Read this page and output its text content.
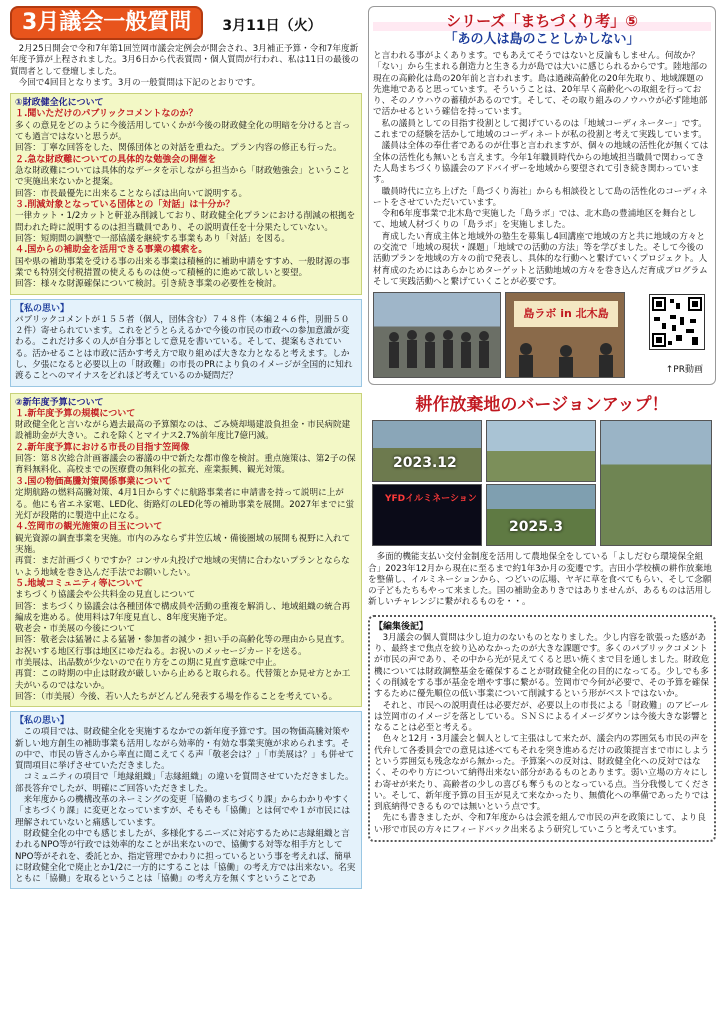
3月議会一般質問 3月11日（火）

　2月25日開会で令和7年第1回笠岡市議会定例会が開会され、3月補正予算・令和7年度新年度予算が上程されました。3月6日から代表質問・個人質問が行われ、私は11日の最後の質問者として登壇しました。
　今回で4回目となります。3月の一般質問は下記のとおりです。

①財政健全化について
１.聞いただけのパブリックコメントなのか？

多くの意見をどのように今後活用していくかが今後の財政健全化の明暗を分けると言っても過言ではないと思うが。
回答：丁寧な回答をした、関係団体との対話を重ねた。プラン内容の修正も行った。

２.急な財政難についての具体的な勉強会の開催を

急な財政難については具体的なデータを示しながら担当から「財政勉強会」ということで実施出来ないかと提案。
回答：市長最優先に出来ることならばは出向いて説明する。

３.削減対象となっている団体との「対話」は十分か？

一律カット・1/2カットと軒並み削減しており、財政健全化プランにおける削減の根拠を問われた時に説明するのは担当職員であり、その説明責任を十分果たしていない。
回答：短期間の調整で一部協議を継続する事業もあり「対話」を図る。

４.国からの補助金を活用できる事業の模索を。

国や県の補助事業を受ける事の出来る事業は積極的に補助申請をすすめ、一般財源の事業でも特別交付税措置の使えるものは使って積極的に進めて欲しいと要望。
回答：様々な財源確保について検討。引き続き事業の必要性を検討。

【私の思い】

パブリックコメントが１５５者（個人，団体含む）７４８件（本編２４６件，別冊５０２件）寄せられています。これをどうとらえるかで今後の市民の市政への参加意識が変わる。これだけ多くの人が自分事として意見を書いている。そして、提案もされている。活かせることは市政に活かす考え方で取り組めば大きな力となると考えます。しかし、夕張になると必要以上の「財政難」の市長のPRにより負のイメージが全国的に知れ渡ることへのマイナスをどれほど考えているのか疑問だ？

②新年度予算について
１.新年度予算の規模について

財政健全化と言いながら過去最高の予算額なのは、ごみ焼却場建設負担金・市民病院建設補助金が大きい。これを除くとマイナス2.7%前年度比7億円減。

２.新年度予算における市長の目指す笠岡像

回答：第８次総合計画審議会の審議の中で新たな都市像を検討。重点施策は、第2子の保育料無料化、高校までの医療費の無料化の拡充、産業振興、観光対策。

３.国の物価高騰対策関係事業について

定期航路の燃料高騰対策、4月1日からすぐに航路事業者に申請書を持って説明に上がる。他にも省エネ家電、LED化、街路灯のLED化等の補助事業を展開。2027年までに蛍光灯が段階的に製造中止になる。

４.笠岡市の観光施策の目玉について

観光資源の調査事業を実施。市内のみならず井笠広域・備後圏域の展開も視野に入れて実施。
再質：まだ計画づくりですか？コンサル丸投げで地域の実情に合わないプランとならないよう地域を巻き込んだ手法でお願いしたい。

５.地域コミュニティ等について

まちづくり協議会や公共料金の見直しについて
回答：まちづくり協議会は各種団体で構成員や活動の重複を解消し、地域組織の統合再編成を進める。使用料は7年度見直し、8年度実施予定。
敬老会・市美展の今後について
回答：敬老会は猛暑による猛暑・参加者の減少・担い手の高齢化等の理由から見直す。お祝いする地区行事は地区にゆだねる。お祝いのメッセージカードを送る。
市美展は、出品数が少ないので在り方をこの期に見直す意味で中止。
再質：この時期の中止は財政が厳しいから止めると取られる。代替策とか見せ方とか工夫がいるのではないか。
回答：（市美展）今後、若い人たちがどんどん発表する場を作ることを考えている。

【私の思い】

　この項目では、財政健全化を実施するなかでの新年度予算です。国の物価高騰対策や新しい地方創生の補助事業も活用しながら効率的・有効な事業実施が求められます。その中で、市民の皆さんから率直に聞こえてくる声「敬老会は？」「市美展は？」も併せて質問項目に挙げさせていただきました。
　コミュニティの項目で「地縁組織」「志縁組織」の違いを質問させていただきました。部長答弁でしたが、明確にご回答いただきました。
　来年度からの機構改革のネーミングの変更「協働のまちづくり課」からわかりやすく「まちづくり課」に変更となっていますが、そもそも「協働」とは何でや１が市民には理解されていないと痛感しています。
　財政健全化の中でも感じましたが、多様化するニーズに対応するために志縁組織と言われるNPO等が行政では効率的なことが出来ないので、協働する対等な相手方としてNPO等がそれを、委託とか、指定管理でかわりに担っているという事を考えれば、簡単に財政健全化で廃止とか1/2に一方的にすることは「協働」の考え方では出来ない。名実ともに「協働」を取るということは「協働」の考え方を無くすということであ

シリーズ「まちづくり考」⑤
「あの人は島のことしかしない」

と言われる事がよくあります。でもあえてそうではないと反論もしません。何故か？「ない」から生まれる創造力と生きる力が島では大いに感じられるからです。陸地部の現在の高齢化は島の20年前と言われます。島は過疎高齢化の20年先取り、地域課題の先進地であると思っています。そういうことは、20年早く高齢化への取組を行っており、そのノウハウの蓄積があるのです。そして、その取り組みのノウハウが必ず陸地部で活かせるという確信を持っています。
　私の議員としての目指す役割として掲げているのは「地域コーディネーター」です。これまでの経験を活かして地域のコーディネートが私の役割と考えて実践しています。
　議員は全体の奉仕者であるのが仕事と言われますが、個々の地域の活性化が無くては全体の活性化も無いとも言えます。今年1年職員時代からの地域担当職員で関わってきた人島まちづくり協議会のアドバイザーを地域から要望されて引き続き関わっています。
　職員時代に立ち上げた「島づくり海社」からも相談役として島の活性化のコーディネートをさせていただいています。
　令和6年度事業で北木島で実施した「島ラボ」では、北木島の豊浦地区を舞台として、地域人材づくりの「島ラボ」を実施しました。
　育成したい育成主体と地域外の塾生を募集し4回講座で地域の方と共に地域の方々との交流で「地域の現状・課題」「地域での活動の方法」等を学びました。そして今後の活動プランを地域の方々の前で発表し、具体的な行動へと繋げていくプロジェクト。人材育成のためにはあらかじめターゲットと活動地域の方々を巻き込んだ育成プログラムそして実践活動へと繋げていくことが必要です。

島ラボ in 北木島
↑PR動画
耕作放棄地のバージョンアップ！
2023.12
YFDイルミネーション
2025.3

　多面的機能支払い交付金制度を活用して農地保全をしている「よしだむら環境保全組合」2023年12月から現在に至るまで約1年3か月の変遷です。吉田小学校横の耕作放棄地を整備し、イルミネーションから、つどいの広場、ヤギに草を食べてもらい、そして念願の子どもたちもやって来ました。国の補助金ありきではありませんが、あるものは活用し新しいチャレンジに繋がれるものを・・。

【編集後記】

　3月議会の個人質問は少し迫力のないものとなりました。少し内容を欲張った感があり、最終まで焦点を絞り込めなかったのが大きな課題です。多くのパブリックコメントが市民の声であり、その中から光が見えてくると思い焼くまで目を通しました。財政危機については財政調整基金を確保することが財政健全化の目的になってる。少しでも多くの削減をする事が基金を増やす事に繋がる。笠岡市で今何が必要で、その予算を確保するために優先順位の低い事業について削減するという形がベストではないか。
　それと、市民への説明責任は必要だが、必要以上の市長による「財政難」のアピールは笠岡市のイメージを落としている。ＳＮＳによるイメージダウンは今後大きな影響となることは必至と考える。
　色々と12月・3月議会と個人として主張はして来たが、議会内の雰囲気も市民の声を代弁して各委員会での意見は述べてもそれを突き進めるだけの政策提言まで市にしようという雰囲気も残念ながら無かった。予算案への反対は、財政健全化への反対ではなく、そのやり方について納得出来ない部分があるものとあります。弱い立場の方々にしわ寄せが来たり、高齢者の少しの喜びも奪うものとなっている点。当分我慢してください。そして、新年度予算の目玉が見えて来なかったり、無償化への準備であったりでは到底納得できるものでは無いという点です。
　先にも書きましたが、令和7年度からは会派を組んで市民の声を政策にして、より良い形で市民の方々にフィードバック出来るよう研究していこうと考えています。
